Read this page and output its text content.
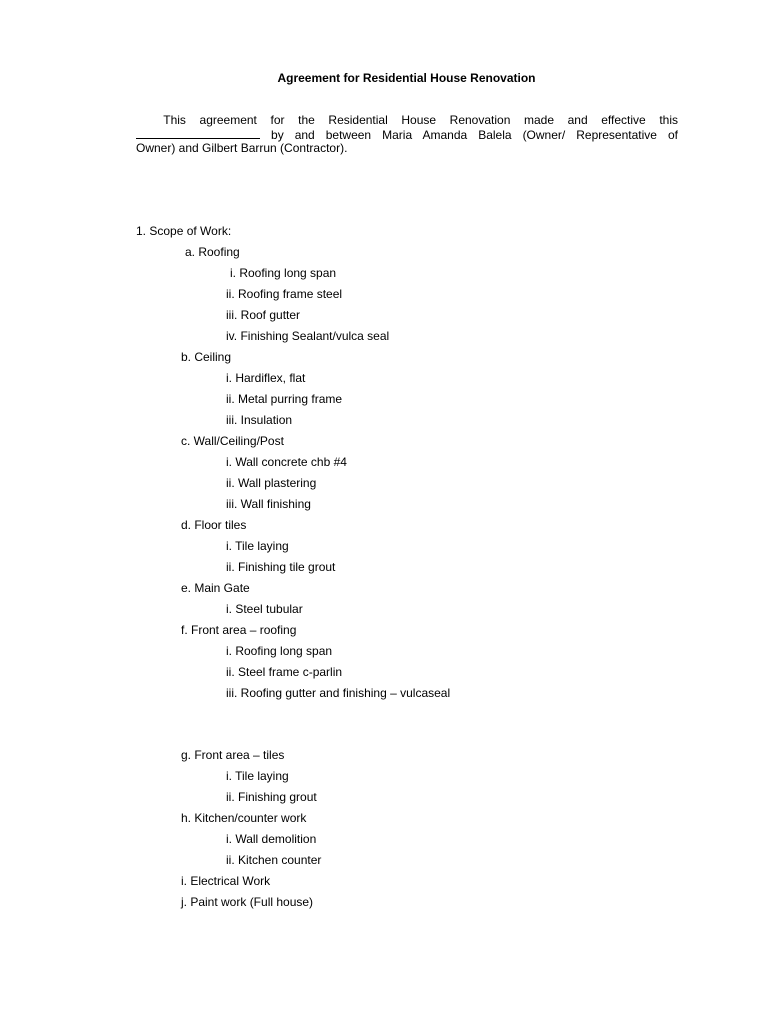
Agreement for Residential House Renovation
This agreement for the Residential House Renovation made and effective this
by and between Maria Amanda Balela (Owner/ Representative of
Owner) and Gilbert Barrun (Contractor).
1. Scope of Work:
a. Roofing
i. Roofing long span
ii. Roofing frame steel
iii. Roof gutter
iv. Finishing Sealant/vulca seal
b. Ceiling
i. Hardiflex, flat
ii. Metal purring frame
iii. Insulation
c. Wall/Ceiling/Post
i. Wall concrete chb #4
ii. Wall plastering
iii. Wall finishing
d. Floor tiles
i. Tile laying
ii. Finishing tile grout
e. Main Gate
i. Steel tubular
f. Front area – roofing
i. Roofing long span
ii. Steel frame c-parlin
iii. Roofing gutter and finishing – vulcaseal
g. Front area – tiles
i. Tile laying
ii. Finishing grout
h. Kitchen/counter work
i. Wall demolition
ii. Kitchen counter
i. Electrical Work
j. Paint work (Full house)
